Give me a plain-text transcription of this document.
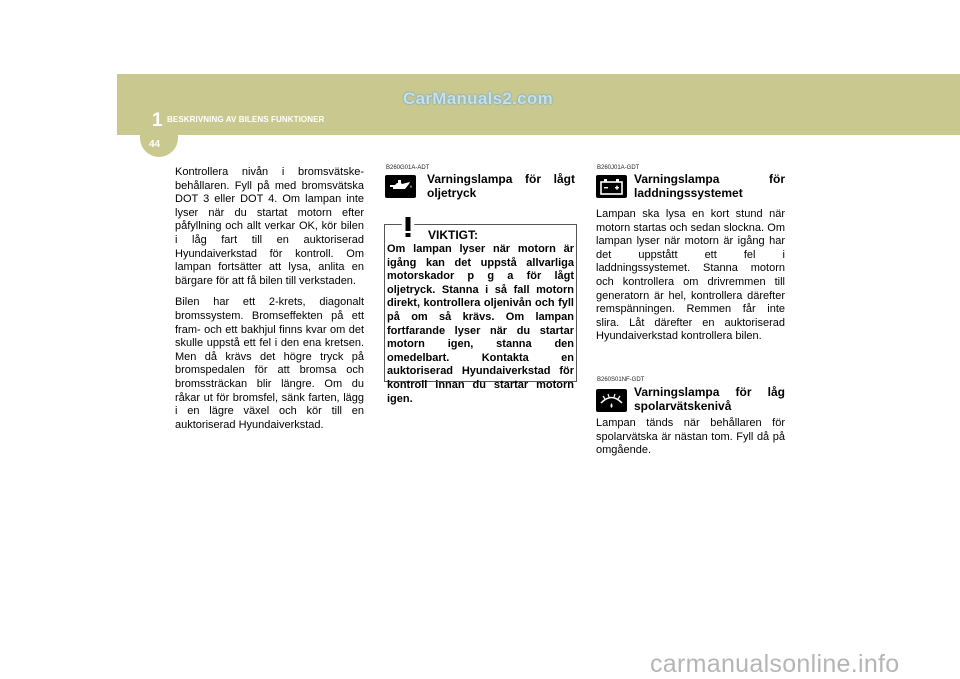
44
1 BESKRIVNING AV BILENS FUNKTIONER
CarManuals2.com

Kontrollera nivån i bromsvätske-behållaren. Fyll på med bromsvätska DOT 3 eller DOT 4. Om lampan inte lyser när du startat motorn efter påfyllning och allt verkar OK, kör bilen i låg fart till en auktoriserad Hyundaiverkstad för kontroll. Om lampan fortsätter att lysa, anlita en bärgare för att få bilen till verkstaden.

Bilen har ett 2-krets, diagonalt bromssystem. Bromseffekten på ett fram- och ett bakhjul finns kvar om det skulle uppstå ett fel i den ena kretsen. Men då krävs det högre tryck på bromspedalen för att bromsa och bromssträckan blir längre. Om du råkar ut för bromsfel, sänk farten, lägg i en lägre växel och kör till en auktoriserad Hyundaiverkstad.

B260G01A-ADT
Varningslampa för lågt
oljetryck
VIKTIGT:
Om lampan lyser när motorn är igång kan det uppstå allvarliga motorskador p g a för lågt oljetryck. Stanna i så fall motorn direkt, kontrollera oljenivån och fyll på om så krävs. Om lampan fortfarande lyser när du startar motorn igen, stanna den omedelbart. Kontakta en auktoriserad Hyundaiverkstad för kontroll innan du startar motorn igen.
B260J01A-GDT
Varningslampa för
laddningssystemet
Lampan ska lysa en kort stund när motorn startas och sedan slockna. Om lampan lyser när motorn är igång har det uppstått ett fel i laddningssystemet. Stanna motorn och kontrollera om drivremmen till generatorn är hel, kontrollera därefter remspänningen. Remmen får inte slira. Låt därefter en auktoriserad Hyundaiverkstad kontrollera bilen.
B260S01NF-GDT
Varningslampa för låg
spolarvätskenivå
Lampan tänds när behållaren för spolarvätska är nästan tom. Fyll då på omgående.
carmanualsonline.info
